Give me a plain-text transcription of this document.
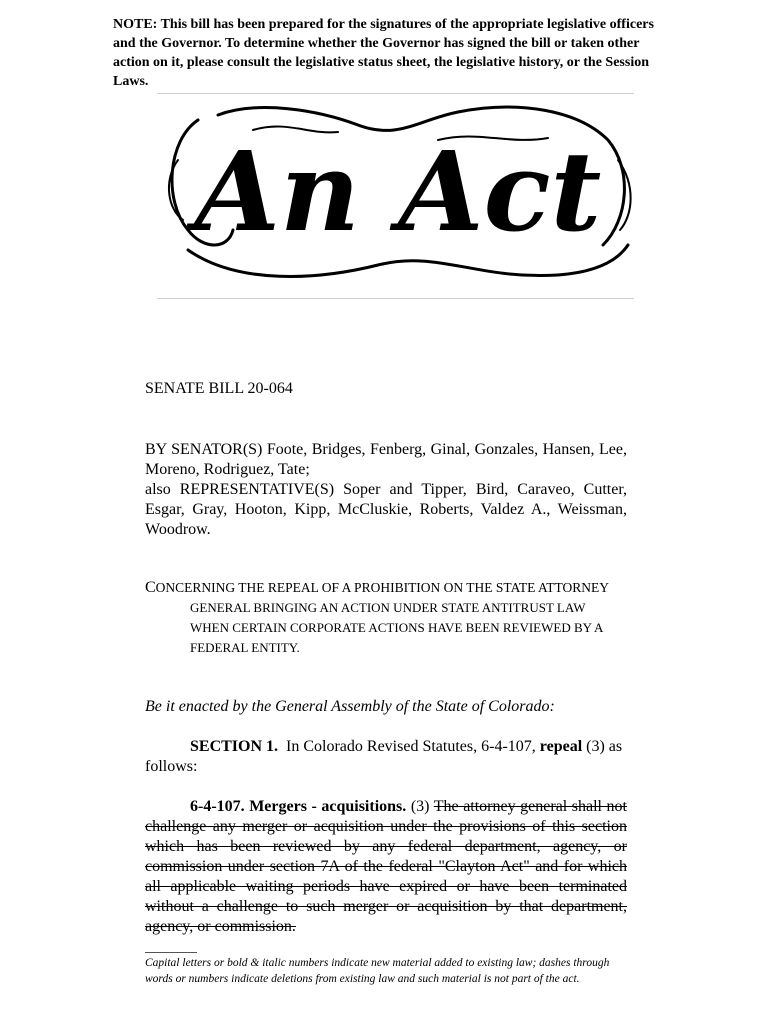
NOTE: This bill has been prepared for the signatures of the appropriate legislative officers and the Governor. To determine whether the Governor has signed the bill or taken other action on it, please consult the legislative status sheet, the legislative history, or the Session Laws.
An Act
SENATE BILL 20-064
BY SENATOR(S) Foote, Bridges, Fenberg, Ginal, Gonzales, Hansen, Lee, Moreno, Rodriguez, Tate;
also REPRESENTATIVE(S) Soper and Tipper, Bird, Caraveo, Cutter, Esgar, Gray, Hooton, Kipp, McCluskie, Roberts, Valdez A., Weissman, Woodrow.
CONCERNING THE REPEAL OF A PROHIBITION ON THE STATE ATTORNEY
GENERAL BRINGING AN ACTION UNDER STATE ANTITRUST LAW WHEN CERTAIN CORPORATE ACTIONS HAVE BEEN REVIEWED BY A FEDERAL ENTITY.
Be it enacted by the General Assembly of the State of Colorado:
SECTION 1. In Colorado Revised Statutes, 6-4-107, repeal (3) as follows:
6-4-107. Mergers - acquisitions. (3) The attorney general shall not challenge any merger or acquisition under the provisions of this section which has been reviewed by any federal department, agency, or commission under section 7A of the federal "Clayton Act" and for which all applicable waiting periods have expired or have been terminated without a challenge to such merger or acquisition by that department, agency, or commission.
Capital letters or bold & italic numbers indicate new material added to existing law; dashes through words or numbers indicate deletions from existing law and such material is not part of the act.
